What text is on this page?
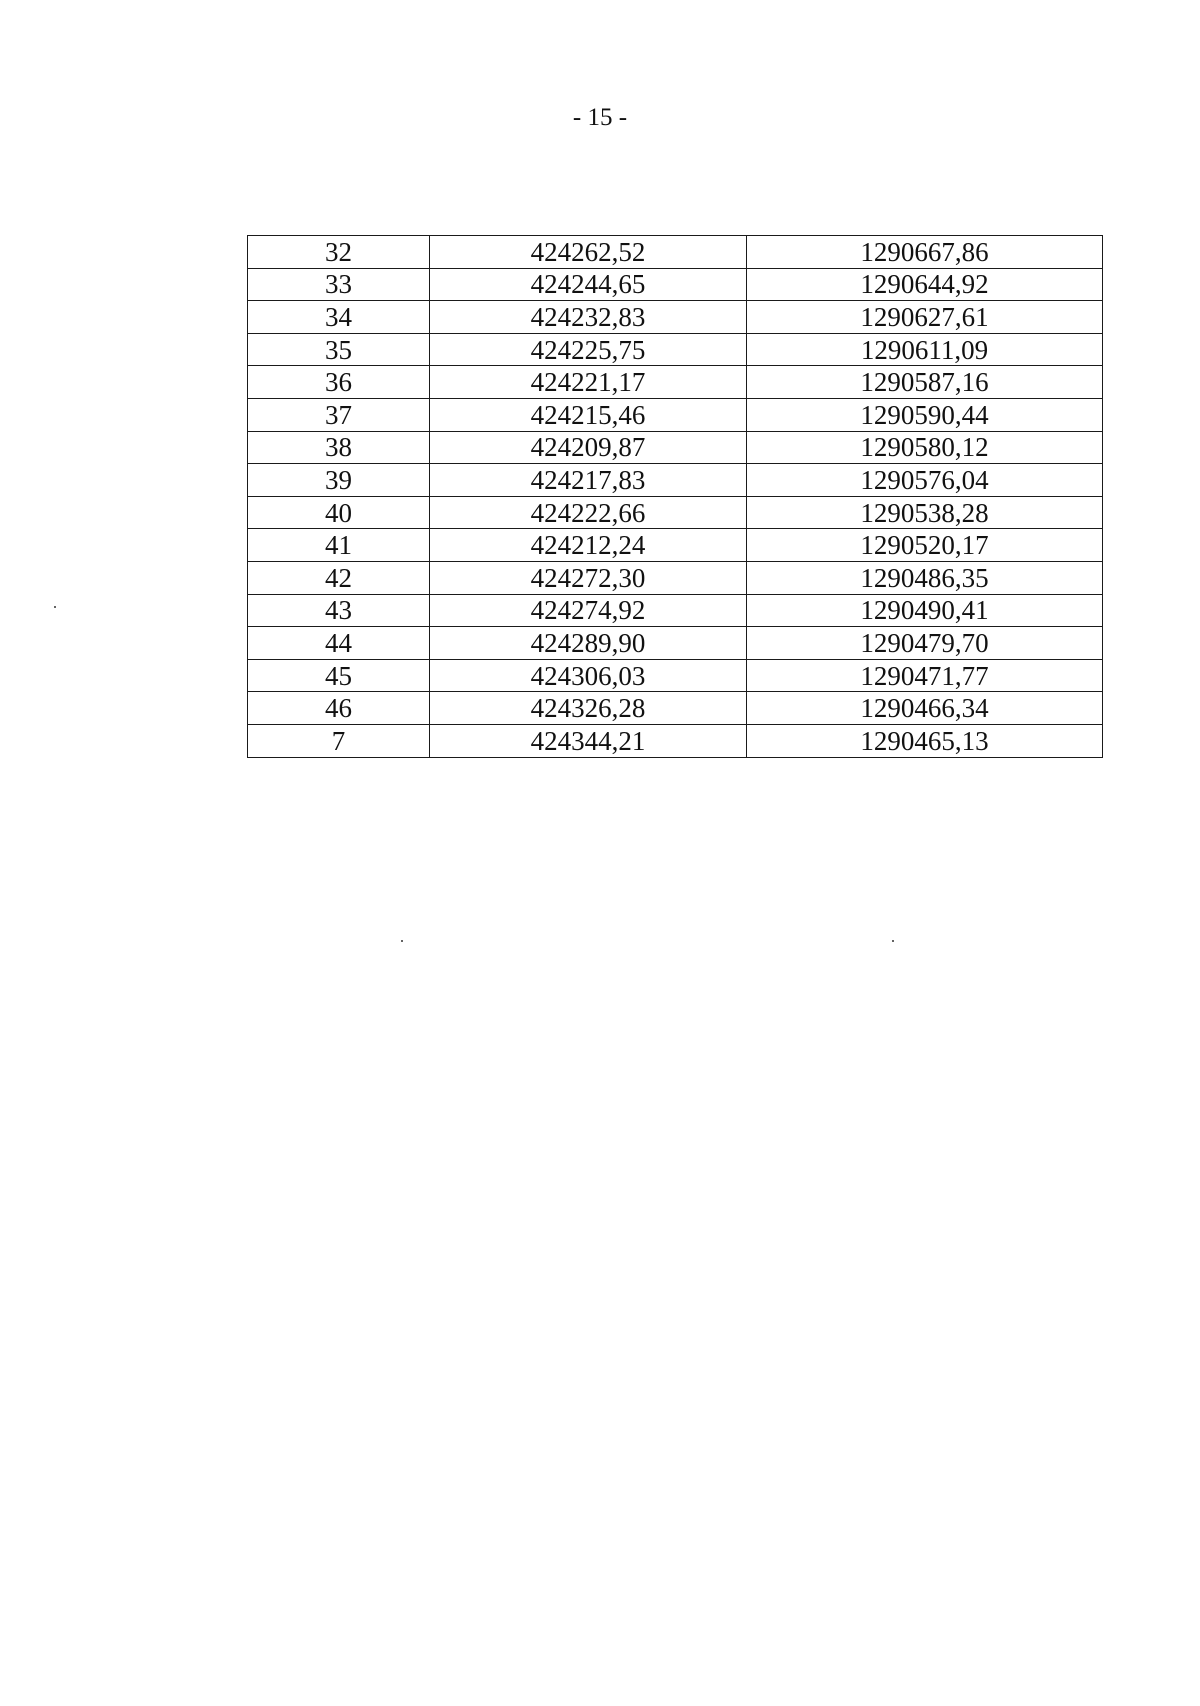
- 15 -
32	424262,52	1290667,86
33	424244,65	1290644,92
34	424232,83	1290627,61
35	424225,75	1290611,09
36	424221,17	1290587,16
37	424215,46	1290590,44
38	424209,87	1290580,12
39	424217,83	1290576,04
40	424222,66	1290538,28
41	424212,24	1290520,17
42	424272,30	1290486,35
43	424274,92	1290490,41
44	424289,90	1290479,70
45	424306,03	1290471,77
46	424326,28	1290466,34
7	424344,21	1290465,13
